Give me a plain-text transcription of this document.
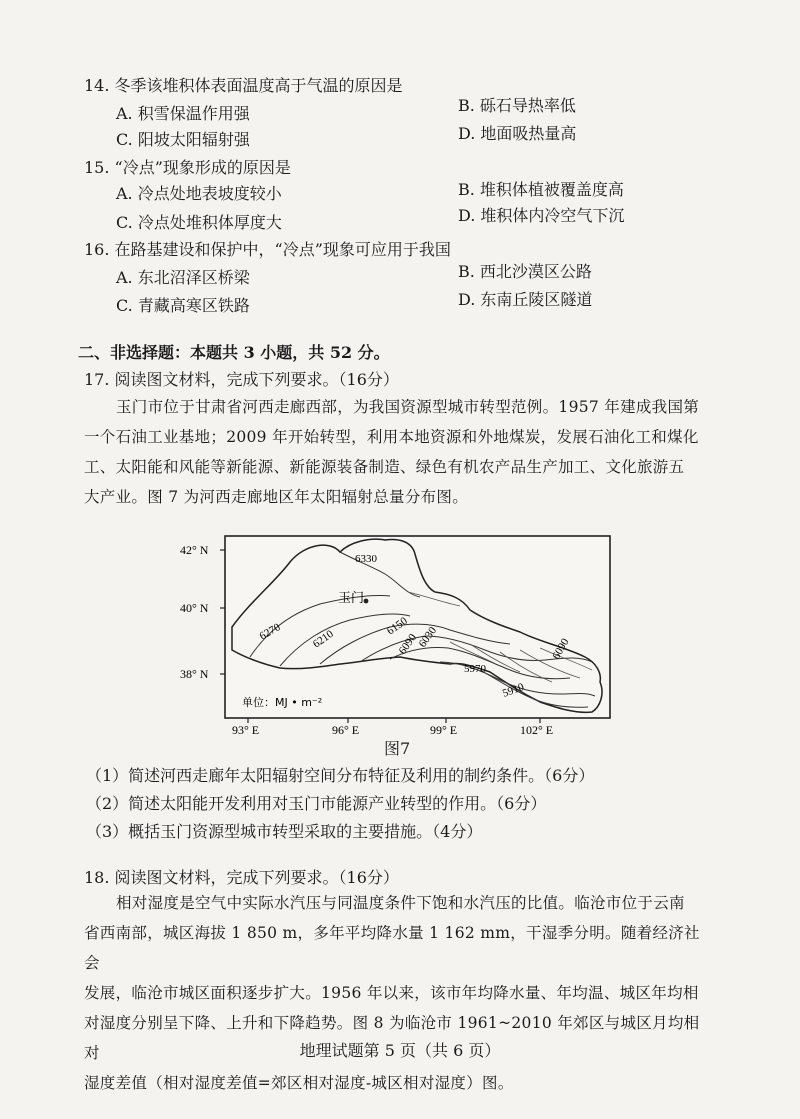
14. 冬季该堆积体表面温度高于气温的原因是
A. 积雪保温作用强	B. 砾石导热率低
C. 阳坡太阳辐射强	D. 地面吸热量高
15. “冷点”现象形成的原因是
A. 冷点处地表坡度较小	B. 堆积体植被覆盖度高
C. 冷点处堆积体厚度大	D. 堆积体内冷空气下沉
16. 在路基建设和保护中，“冷点”现象可应用于我国
A. 东北沼泽区桥梁	B. 西北沙漠区公路
C. 青藏高寒区铁路	D. 东南丘陵区隧道
二、非选择题：本题共 3 小题，共 52 分。
17. 阅读图文材料，完成下列要求。（16分）
玉门市位于甘肃省河西走廊西部，为我国资源型城市转型范例。1957 年建成我国第
一个石油工业基地；2009 年开始转型，利用本地资源和外地煤炭，发展石油化工和煤化
工、太阳能和风能等新能源、新能源装备制造、绿色有机农产品生产加工、文化旅游五
大产业。图 7 为河西走廊地区年太阳辐射总量分布图。
42° N
40° N
38° N
93° E	96° E	99° E	102° E
玉门
单位：MJ • m⁻²
6330
6270	6210
6150
6090
6030
5970
5910
6090
图7
（1）简述河西走廊年太阳辐射空间分布特征及利用的制约条件。（6分）
（2）简述太阳能开发利用对玉门市能源产业转型的作用。（6分）
（3）概括玉门资源型城市转型采取的主要措施。（4分）
18. 阅读图文材料，完成下列要求。（16分）
相对湿度是空气中实际水汽压与同温度条件下饱和水汽压的比值。临沧市位于云南
省西南部，城区海拔 1 850 m，多年平均降水量 1 162 mm，干湿季分明。随着经济社会
发展，临沧市城区面积逐步扩大。1956 年以来，该市年均降水量、年均温、城区年均相
对湿度分别呈下降、上升和下降趋势。图 8 为临沧市 1961~2010 年郊区与城区月均相对
湿度差值（相对湿度差值=郊区相对湿度-城区相对湿度）图。
地理试题第 5 页（共 6 页）
